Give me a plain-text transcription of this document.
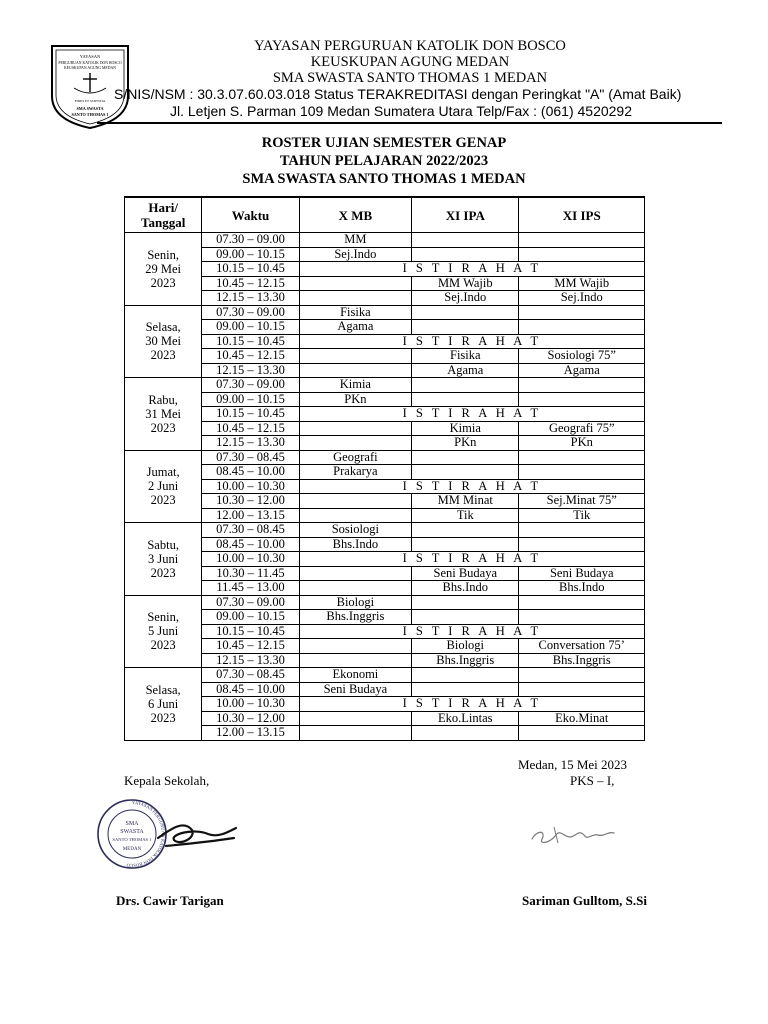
YAYASAN
PERGURUAN KATOLIK DON BOSCO
KEUSKUPAN AGUNG MEDAN
FIDES ET SCIENTIA
SMA SWASTA
SANTO THOMAS 1
YAYASAN PERGURUAN KATOLIK DON BOSCO
KEUSKUPAN AGUNG MEDAN
SMA SWASTA SANTO THOMAS 1 MEDAN
S/NIS/NSM : 30.3.07.60.03.018 Status TERAKREDITASI dengan Peringkat "A" (Amat Baik)
Jl. Letjen S. Parman 109 Medan Sumatera Utara Telp/Fax : (061) 4520292
ROSTER UJIAN SEMESTER GENAP
TAHUN PELAJARAN 2022/2023
SMA SWASTA SANTO THOMAS 1 MEDAN
Hari/
Tanggal	Waktu	X MB	XI IPA	XI IPS
Senin,
29 Mei
2023	07.30 – 09.00	MM		
	09.00 – 10.15	Sej.Indo		
	10.15 – 10.45	I S T I R A H A T		
	10.45 – 12.15		MM Wajib	MM Wajib
	12.15 – 13.30		Sej.Indo	Sej.Indo
Selasa,
30 Mei
2023	07.30 – 09.00	Fisika		
	09.00 – 10.15	Agama		
	10.15 – 10.45	I S T I R A H A T		
	10.45 – 12.15		Fisika	Sosiologi 75”
	12.15 – 13.30		Agama	Agama
Rabu,
31 Mei
2023	07.30 – 09.00	Kimia		
	09.00 – 10.15	PKn		
	10.15 – 10.45	I S T I R A H A T		
	10.45 – 12.15		Kimia	Geografi 75”
	12.15 – 13.30		PKn	PKn
Jumat,
2 Juni
2023	07.30 – 08.45	Geografi		
	08.45 – 10.00	Prakarya		
	10.00 – 10.30	I S T I R A H A T		
	10.30 – 12.00		MM Minat	Sej.Minat 75”
	12.00 – 13.15		Tik	Tik
Sabtu,
3 Juni
2023	07.30 – 08.45	Sosiologi		
	08.45 – 10.00	Bhs.Indo		
	10.00 – 10.30	I S T I R A H A T		
	10.30 – 11.45		Seni Budaya	Seni Budaya
	11.45 – 13.00		Bhs.Indo	Bhs.Indo
Senin,
5 Juni
2023	07.30 – 09.00	Biologi		
	09.00 – 10.15	Bhs.Inggris		
	10.15 – 10.45	I S T I R A H A T		
	10.45 – 12.15		Biologi	Conversation 75’
	12.15 – 13.30		Bhs.Inggris	Bhs.Inggris
Selasa,
6 Juni
2023	07.30 – 08.45	Ekonomi		
	08.45 – 10.00	Seni Budaya		
	10.00 – 10.30	I S T I R A H A T		
	10.30 – 12.00		Eko.Lintas	Eko.Minat
	12.00 – 13.15			
Medan, 15 Mei 2023
Kepala Sekolah,	PKS – I,
YAYASAN PERGURUAN KATOLIK DON BOSCO
SMA
SWASTA
SANTO THOMAS 1
MEDAN
Drs. Cawir Tarigan	Sariman Gulltom, S.Si
